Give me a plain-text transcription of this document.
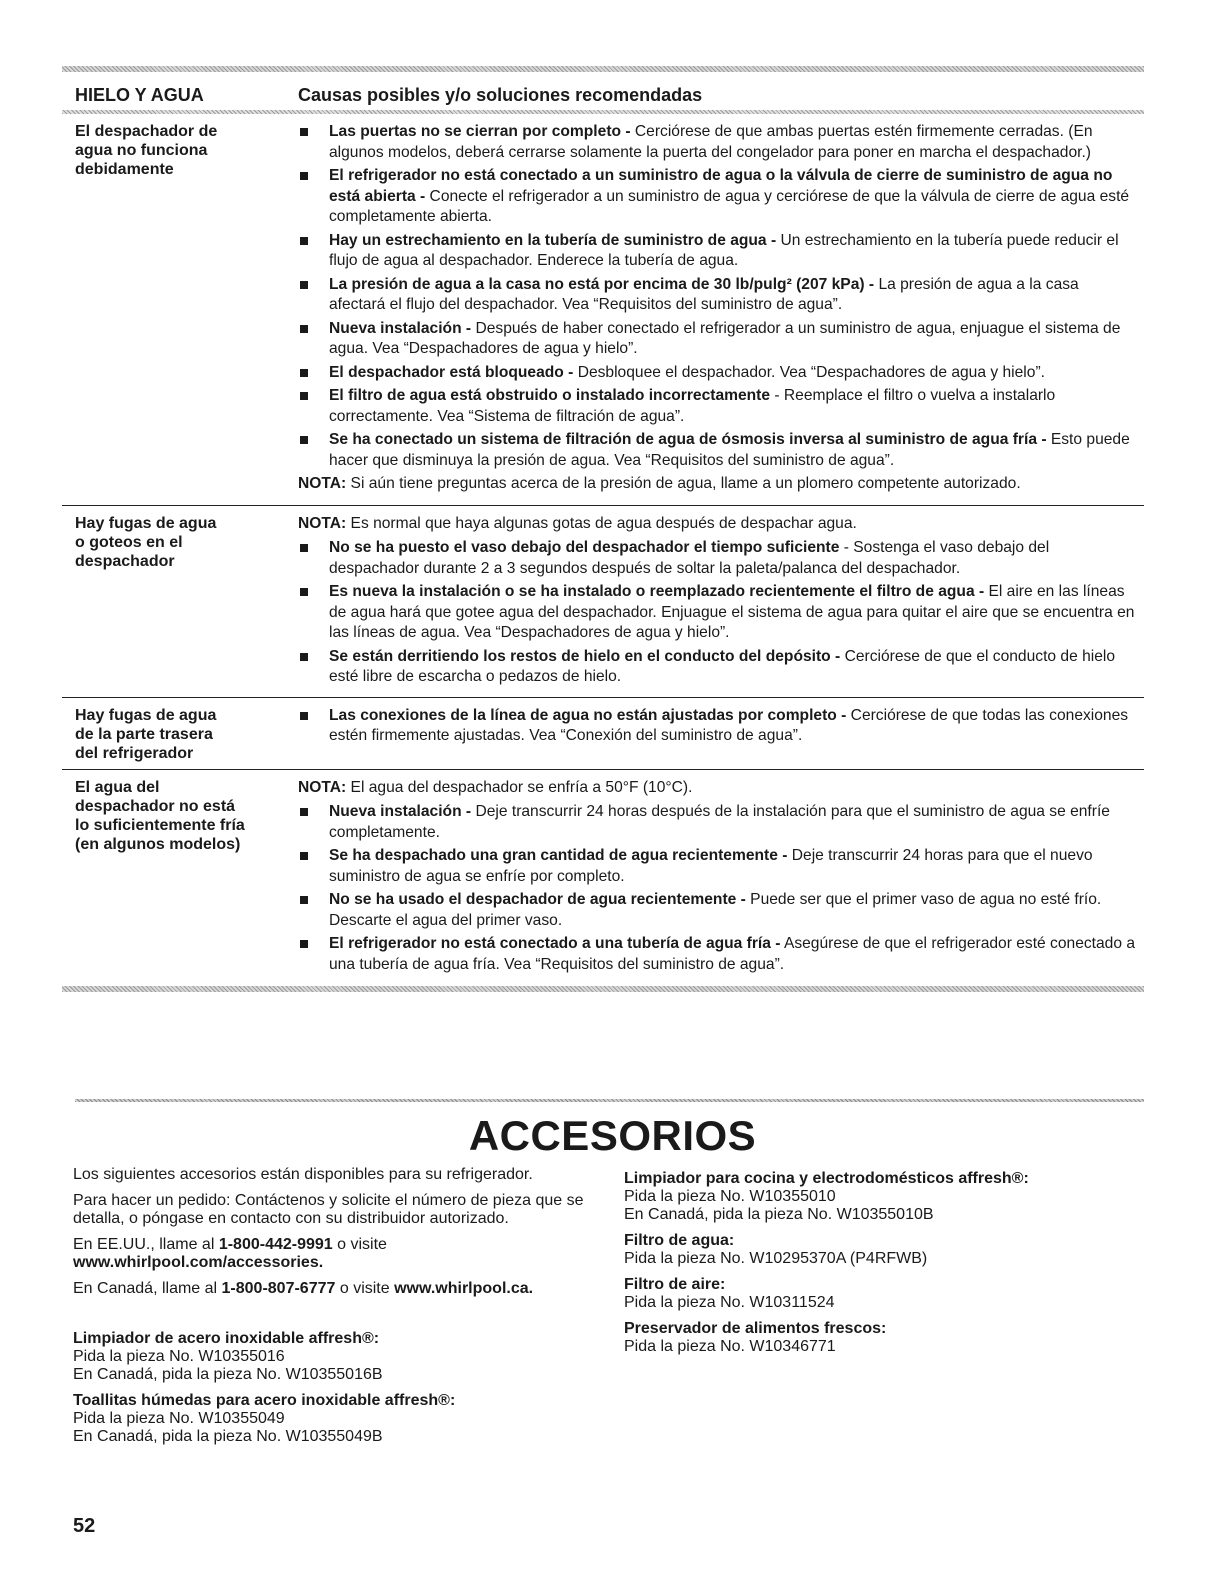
HIELO Y AGUA	Causas posibles y/o soluciones recomendadas
El despachador de
agua no funciona
debidamente
Las puertas no se cierran por completo - Cerciórese de que ambas puertas estén firmemente cerradas. (En algunos modelos, deberá cerrarse solamente la puerta del congelador para poner en marcha el despachador.)
El refrigerador no está conectado a un suministro de agua o la válvula de cierre de suministro de agua no está abierta - Conecte el refrigerador a un suministro de agua y cerciórese de que la válvula de cierre de agua esté completamente abierta.
Hay un estrechamiento en la tubería de suministro de agua - Un estrechamiento en la tubería puede reducir el flujo de agua al despachador. Enderece la tubería de agua.
La presión de agua a la casa no está por encima de 30 lb/pulg² (207 kPa) - La presión de agua a la casa afectará el flujo del despachador. Vea “Requisitos del suministro de agua”.
Nueva instalación - Después de haber conectado el refrigerador a un suministro de agua, enjuague el sistema de agua. Vea “Despachadores de agua y hielo”.
El despachador está bloqueado - Desbloquee el despachador. Vea “Despachadores de agua y hielo”.
El filtro de agua está obstruido o instalado incorrectamente - Reemplace el filtro o vuelva a instalarlo correctamente. Vea “Sistema de filtración de agua”.
Se ha conectado un sistema de filtración de agua de ósmosis inversa al suministro de agua fría - Esto puede hacer que disminuya la presión de agua. Vea “Requisitos del suministro de agua”.
NOTA: Si aún tiene preguntas acerca de la presión de agua, llame a un plomero competente autorizado.
Hay fugas de agua
o goteos en el
despachador
NOTA: Es normal que haya algunas gotas de agua después de despachar agua.
No se ha puesto el vaso debajo del despachador el tiempo suficiente - Sostenga el vaso debajo del despachador durante 2 a 3 segundos después de soltar la paleta/palanca del despachador.
Es nueva la instalación o se ha instalado o reemplazado recientemente el filtro de agua - El aire en las líneas de agua hará que gotee agua del despachador. Enjuague el sistema de agua para quitar el aire que se encuentra en las líneas de agua. Vea “Despachadores de agua y hielo”.
Se están derritiendo los restos de hielo en el conducto del depósito - Cerciórese de que el conducto de hielo esté libre de escarcha o pedazos de hielo.
Hay fugas de agua
de la parte trasera
del refrigerador
Las conexiones de la línea de agua no están ajustadas por completo - Cerciórese de que todas las conexiones estén firmemente ajustadas. Vea “Conexión del suministro de agua”.
El agua del
despachador no está
lo suficientemente fría
(en algunos modelos)
NOTA: El agua del despachador se enfría a 50°F (10°C).
Nueva instalación - Deje transcurrir 24 horas después de la instalación para que el suministro de agua se enfríe completamente.
Se ha despachado una gran cantidad de agua recientemente - Deje transcurrir 24 horas para que el nuevo suministro de agua se enfríe por completo.
No se ha usado el despachador de agua recientemente - Puede ser que el primer vaso de agua no esté frío. Descarte el agua del primer vaso.
El refrigerador no está conectado a una tubería de agua fría - Asegúrese de que el refrigerador esté conectado a una tubería de agua fría. Vea “Requisitos del suministro de agua”.
ACCESORIOS

Los siguientes accesorios están disponibles para su refrigerador.

Para hacer un pedido: Contáctenos y solicite el número de pieza que se detalla, o póngase en contacto con su distribuidor autorizado.

En EE.UU., llame al 1-800-442-9991 o visite
www.whirlpool.com/accessories.

En Canadá, llame al 1-800-807-6777 o visite www.whirlpool.ca.

Limpiador de acero inoxidable affresh®:
Pida la pieza No. W10355016
En Canadá, pida la pieza No. W10355016B
Toallitas húmedas para acero inoxidable affresh®:
Pida la pieza No. W10355049
En Canadá, pida la pieza No. W10355049B
Limpiador para cocina y electrodomésticos affresh®:
Pida la pieza No. W10355010
En Canadá, pida la pieza No. W10355010B
Filtro de agua:
Pida la pieza No. W10295370A (P4RFWB)
Filtro de aire:
Pida la pieza No. W10311524
Preservador de alimentos frescos:
Pida la pieza No. W10346771
52
